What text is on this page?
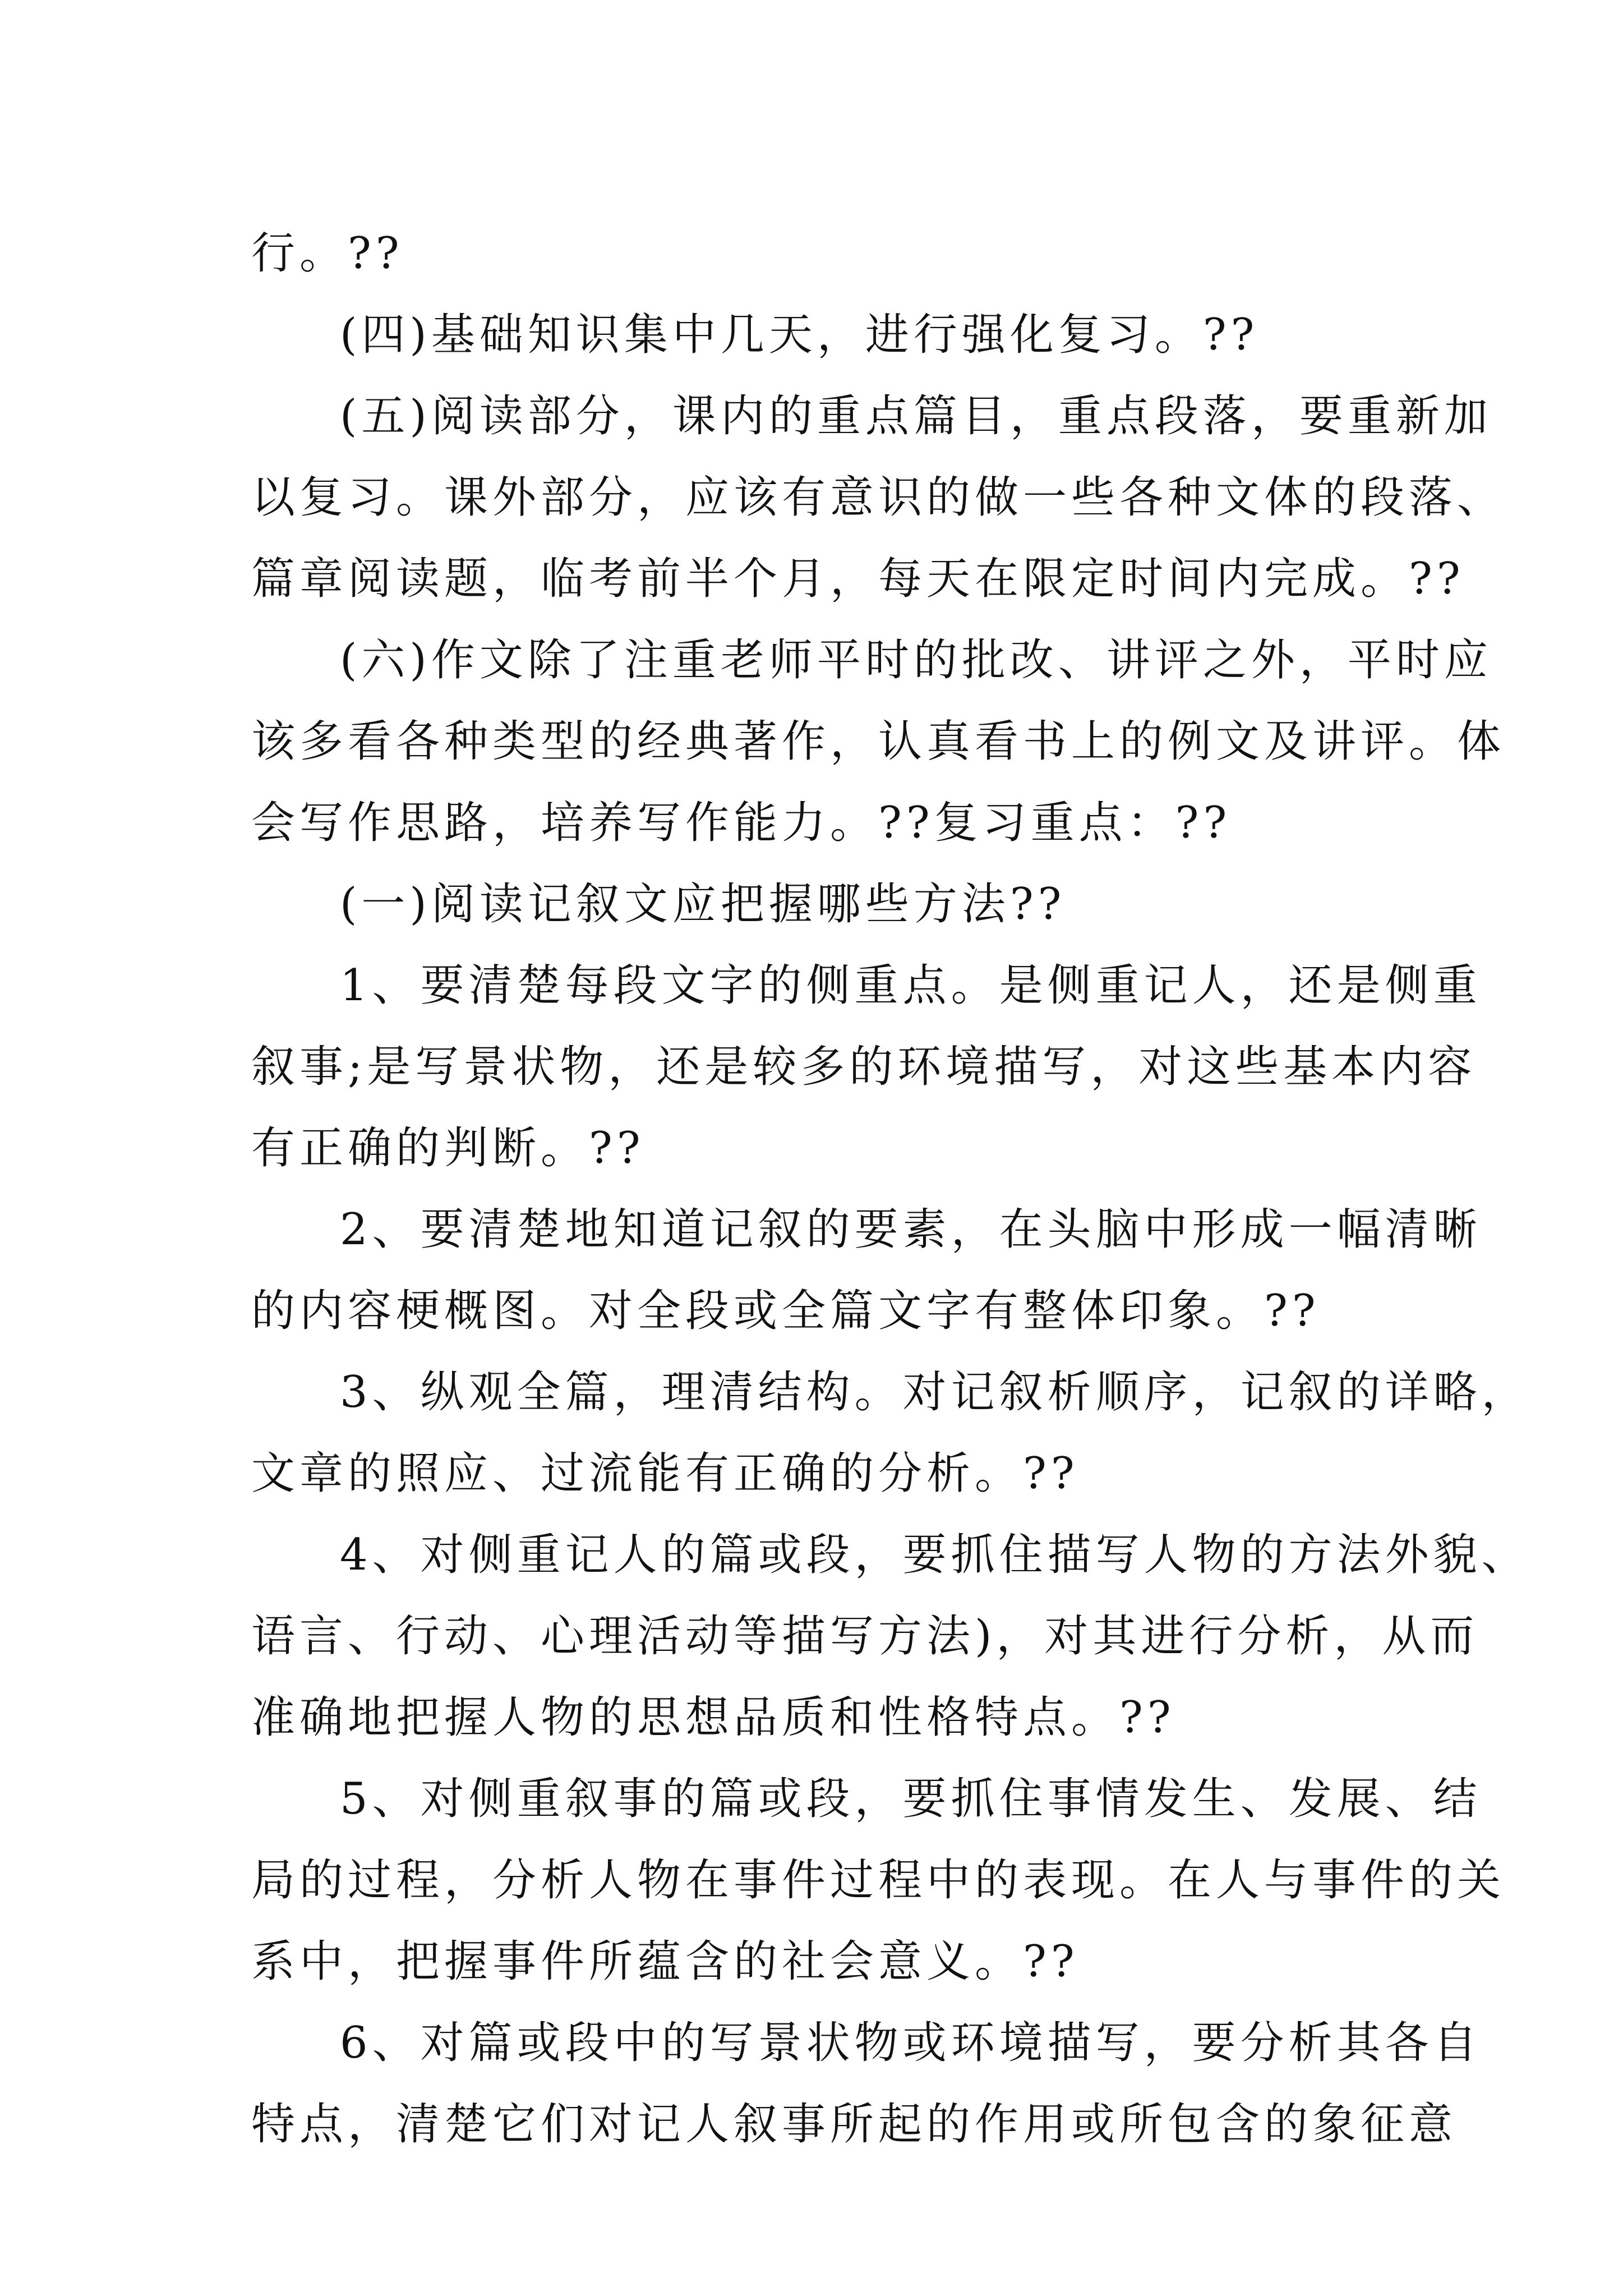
行。??
(四)基础知识集中几天，进行强化复习。??
(五)阅读部分，课内的重点篇目，重点段落，要重新加
以复习。课外部分，应该有意识的做一些各种文体的段落、
篇章阅读题，临考前半个月，每天在限定时间内完成。??
(六)作文除了注重老师平时的批改、讲评之外，平时应
该多看各种类型的经典著作，认真看书上的例文及讲评。体
会写作思路，培养写作能力。??复习重点：??
(一)阅读记叙文应把握哪些方法??
1、要清楚每段文字的侧重点。是侧重记人，还是侧重
叙事;是写景状物，还是较多的环境描写，对这些基本内容
有正确的判断。??
2、要清楚地知道记叙的要素，在头脑中形成一幅清晰
的内容梗概图。对全段或全篇文字有整体印象。??
3、纵观全篇，理清结构。对记叙析顺序，记叙的详略，
文章的照应、过流能有正确的分析。??
4、对侧重记人的篇或段，要抓住描写人物的方法外貌、
语言、行动、心理活动等描写方法)，对其进行分析，从而
准确地把握人物的思想品质和性格特点。??
5、对侧重叙事的篇或段，要抓住事情发生、发展、结
局的过程，分析人物在事件过程中的表现。在人与事件的关
系中，把握事件所蕴含的社会意义。??
6、对篇或段中的写景状物或环境描写，要分析其各自
特点，清楚它们对记人叙事所起的作用或所包含的象征意
